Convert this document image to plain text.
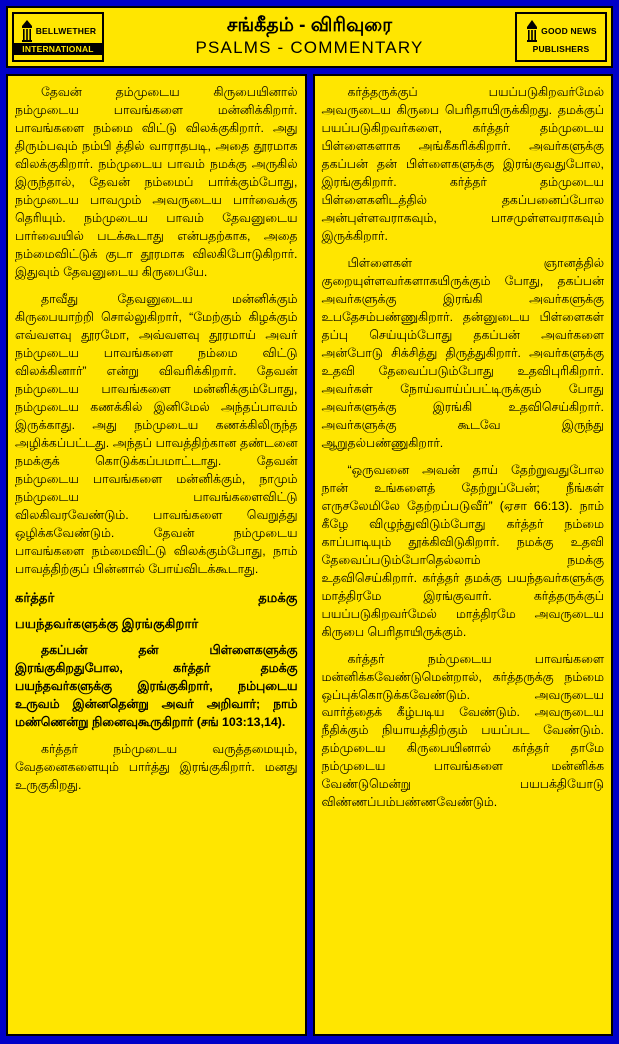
BELLWETHER
INTERNATIONAL
சங்கீதம் - விரிவுரை
PSALMS - COMMENTARY
GOOD NEWS
PUBLISHERS

தேவன் தம்முடைய கிருபையினால் நம்முடைய பாவங்களை மன்னிக்கிறார். பாவங்களை நம்மை விட்டு விலக்குகிறார். அது திரும்பவும் நம்பி த்தில் வாராதபடி, அதை தூரமாக விலக்குகிறார். நம்முடைய பாவம் நமக்கு அருகில் இருந்தால், தேவன் நம்மைப் பார்க்கும்போது, நம்முடைய பாவமும் அவருடைய பார்வைக்கு தெரியும். நம்முடைய பாவம் தேவனுடைய பார்வையில் படக்கூடாது என்பதற்காக, அதை நம்மைவிட்டுக் குடா தூரமாக விலகிபோடுகிறார். இதுவும் தேவனுடைய கிருபையே.

தாவீது தேவனுடைய மன்னிக்கும் கிருபையாற்றி சொல்லுகிறார், “மேற்கும் கிழக்கும் எவ்வளவு தூரமோ, அவ்வளவு தூரமாய் அவர் நம்முடைய பாவங்களை நம்மை விட்டு விலக்கினார்” என்று விவரிக்கிறார். தேவன் நம்முடைய பாவங்களை மன்னிக்கும்போது, நம்முடைய கணக்கில் இனிமேல் அந்தப்பாவம் இருக்காது. அது நம்முடைய கணக்கிலிருந்த அழிக்கப்பட்டது. அந்தப் பாவத்திற்கான தண்டனை நமக்குக் கொடுக்கப்பமாட்டாது. தேவன் நம்முடைய பாவங்களை மன்னிக்கும், நாமும் நம்முடைய பாவங்களைவிட்டு விலகிவரவேண்டும். பாவங்களை வெறுத்து ஒழிக்கவேண்டும். தேவன் நம்முடைய பாவங்களை நம்மைவிட்டு விலக்கும்போது, நாம் பாவத்திற்குப் பின்னால் போய்விடக்கூடாது.

கர்த்தர்	தமக்கு
பயந்தவர்களுக்கு இரங்குகிறார்

தகப்பன் தன் பிள்ளைகளுக்கு இரங்குகிறதுபோல, கர்த்தர் தமக்கு பயந்தவர்களுக்கு இரங்குகிறார், நம்புடைய உருவம் இன்னதென்று அவர் அறிவார்; நாம் மண்ணென்று நினைவுகூருகிறார் (சங் 103:13,14).

கர்த்தர் நம்முடைய வருத்தமையும், வேதனைகளையும் பார்த்து இரங்குகிறார். மனது உருகுகிறது.

கர்த்தருக்குப் பயப்படுகிறவர்மேல் அவருடைய கிருபை பெரிதாயிருக்கிறது. தமக்குப் பயப்படுகிறவர்களை, கர்த்தர் தம்முடைய பிள்ளைகளாக அங்கீகரிக்கிறார். அவர்களுக்கு தகப்பன் தன் பிள்ளைகளுக்கு இரங்குவதுபோல, இரங்குகிறார். கர்த்தர் தம்முடைய பிள்ளைகளிடத்தில் தகப்பனைப்போல அன்புள்ளவராகவும், பாசமுள்ளவராகவும் இருக்கிறார்.

பிள்ளைகள் ஞானத்தில் குறையுள்ளவர்களாகயிருக்கும் போது, தகப்பன் அவர்களுக்கு இரங்கி அவர்களுக்கு உபதேசம்பண்ணுகிறார். தன்னுடைய பிள்ளைகள் தப்பு செய்யும்போது தகப்பன் அவர்களை அன்போடு சிக்சித்து திருத்துகிறார். அவர்களுக்கு உதவி தேவைப்படும்போது உதவிபுரிகிறார். அவர்கள் நோய்வாய்ப்பட்டிருக்கும் போது அவர்களுக்கு இரங்கி உதவிசெய்கிறார். அவர்களுக்கு கூடவே இருந்து ஆறுதல்பண்ணுகிறார்.

“ஒருவனை அவன் தாய் தேற்றுவதுபோல நான் உங்களைத் தேற்றுப்பேன்; நீங்கள் எருசலேமிலே தேற்றப்படுவீர்” (ஏசா 66:13). நாம் கீழே விழுந்துவிடும்போது கர்த்தர் நம்மை காப்பாடியும் தூக்கிவிடுகிறார். நமக்கு உதவி தேவைப்படும்போதெல்லாம் நமக்கு உதவிசெய்கிறார். கர்த்தர் தமக்கு பயந்தவர்களுக்கு மாத்திரமே இரங்குவார். கர்த்தருக்குப் பயப்படுகிறவர்மேல் மாத்திரமே அவருடைய கிருபை பெரிதாயிருக்கும்.

கர்த்தர் நம்முடைய பாவங்களை மன்னிக்கவேண்டுமென்றால், கர்த்தருக்கு நம்மை ஒப்புக்கொடுக்கவேண்டும். அவருடைய வார்த்தைக் கீழ்படிய வேண்டும். அவருடைய நீதிக்கும் நியாயத்திற்கும் பயப்பட வேண்டும். தம்முடைய கிருபையினால் கர்த்தர் தாமே நம்முடைய பாவங்களை மன்னிக்க வேண்டுமென்று பயபக்தியோடு விண்ணப்பம்பண்ணவேண்டும்.
